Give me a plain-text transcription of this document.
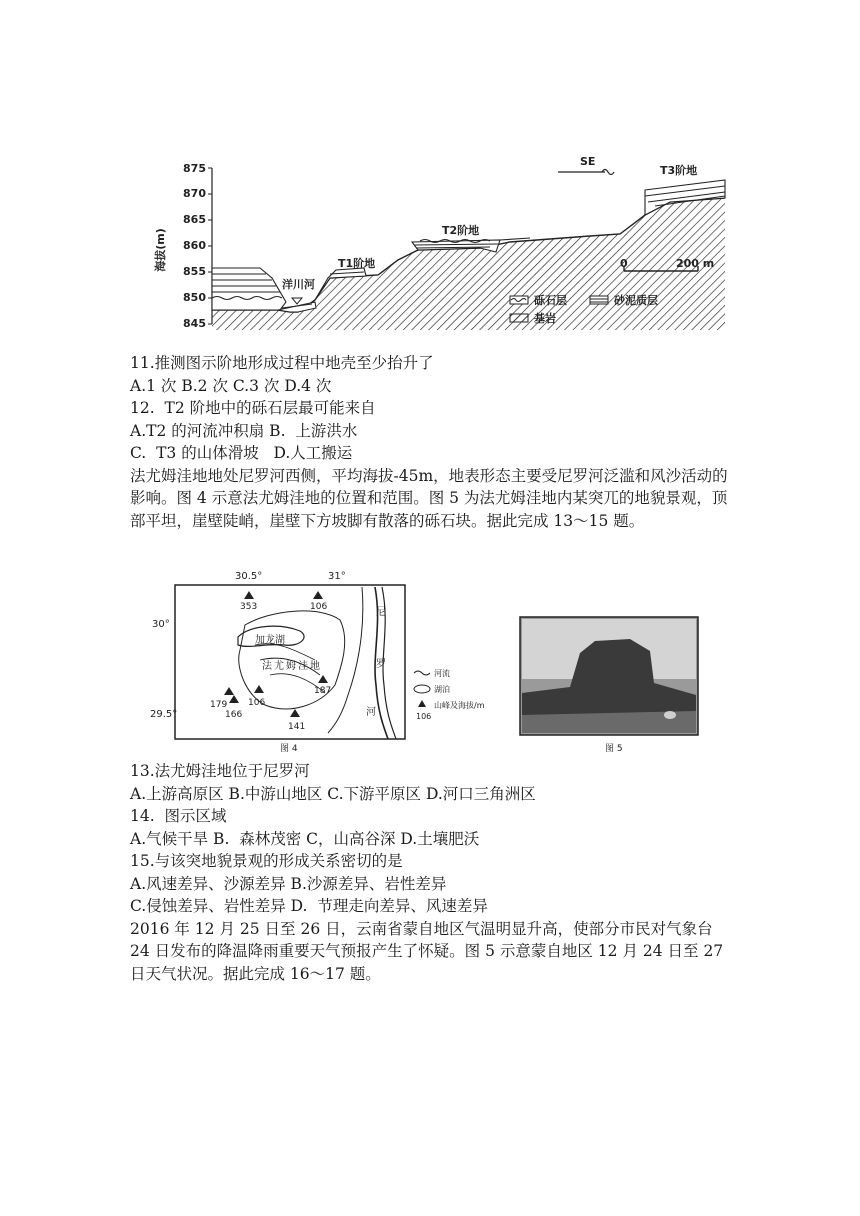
875
870
865
860
855
850
845
海拔(m)
洋川河
T1阶地
T2阶地
T3阶地
SE
0	200 m
砾石层	砂泥质层
基岩
11.推测图示阶地形成过程中地壳至少抬升了
A.1 次 B.2 次 C.3 次 D.4 次
12.  T2 阶地中的砾石层最可能来自
A.T2 的河流冲积扇 B.  上游洪水
C.  T3 的山体滑坡   D.人工搬运
法尤姆洼地地处尼罗河西侧，平均海拔-45m，地表形态主要受尼罗河泛滥和风沙活动的影响。图 4 示意法尤姆洼地的位置和范围。图 5 为法尤姆洼地内某突兀的地貌景观，顶部平坦，崖壁陡峭，崖壁下方坡脚有散落的砾石块。据此完成 13～15 题。
30.5°	31°
30°
29.5°
加龙湖
法 尤 姆 洼 地
尼
罗
河
353	106
179 106
166
141
187
河流
湖泊
山峰及海拔/m
106
图 4	图 5
13.法尤姆洼地位于尼罗河
A.上游高原区 B.中游山地区 C.下游平原区 D.河口三角洲区
14.  图示区域
A.气候干旱 B.  森林茂密 C，山高谷深 D.土壤肥沃
15.与该突地貌景观的形成关系密切的是
A.风速差异、沙源差异 B.沙源差异、岩性差异
C.侵蚀差异、岩性差异 D.  节理走向差异、风速差异
2016 年 12 月 25 日至 26 日，云南省蒙自地区气温明显升高，使部分市民对气象台 24 日发布的降温降雨重要天气预报产生了怀疑。图 5 示意蒙自地区 12 月 24 日至 27 日天气状况。据此完成 16～17 题。
